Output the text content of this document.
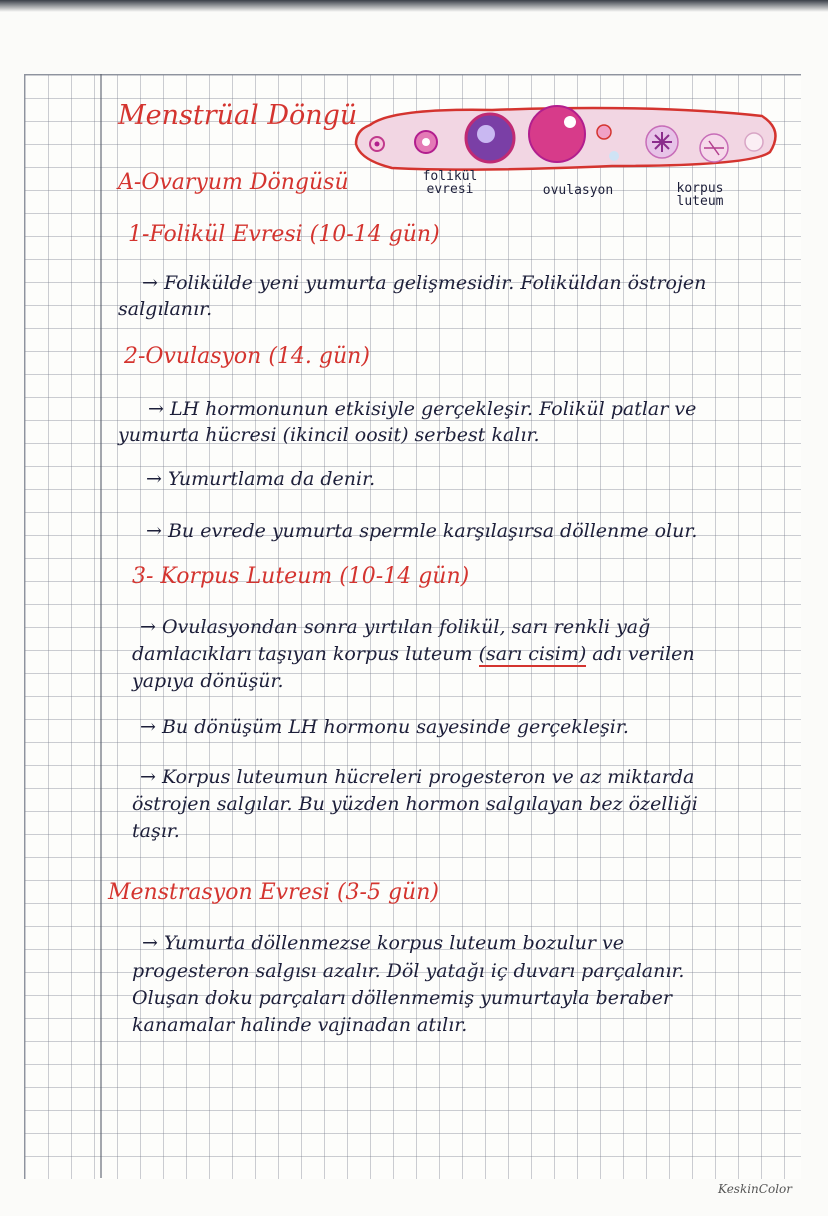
Menstrüal Döngü
A-Ovaryum Döngüsü	folikül
evresi	ovulasyon	korpus
luteum
1-Folikül Evresi (10-14 gün)
→ Folikülde yeni yumurta gelişmesidir. Foliküldan östrojen
salgılanır.
2-Ovulasyon (14. gün)
→ LH hormonunun etkisiyle gerçekleşir. Folikül patlar ve
yumurta hücresi (ikincil oosit) serbest kalır.
→ Yumurtlama da denir.
→ Bu evrede yumurta spermle karşılaşırsa döllenme olur.
3- Korpus Luteum (10-14 gün)
→ Ovulasyondan sonra yırtılan folikül, sarı renkli yağ
damlacıkları taşıyan korpus luteum (sarı cisim) adı verilen
yapıya dönüşür.
→ Bu dönüşüm LH hormonu sayesinde gerçekleşir.
→ Korpus luteumun hücreleri progesteron ve az miktarda
östrojen salgılar. Bu yüzden hormon salgılayan bez özelliği
taşır.
Menstrasyon Evresi (3-5 gün)
→ Yumurta döllenmezse korpus luteum bozulur ve
progesteron salgısı azalır. Döl yatağı iç duvarı parçalanır.
Oluşan doku parçaları döllenmemiş yumurtayla beraber
kanamalar halinde vajinadan atılır.
KeskinColor
